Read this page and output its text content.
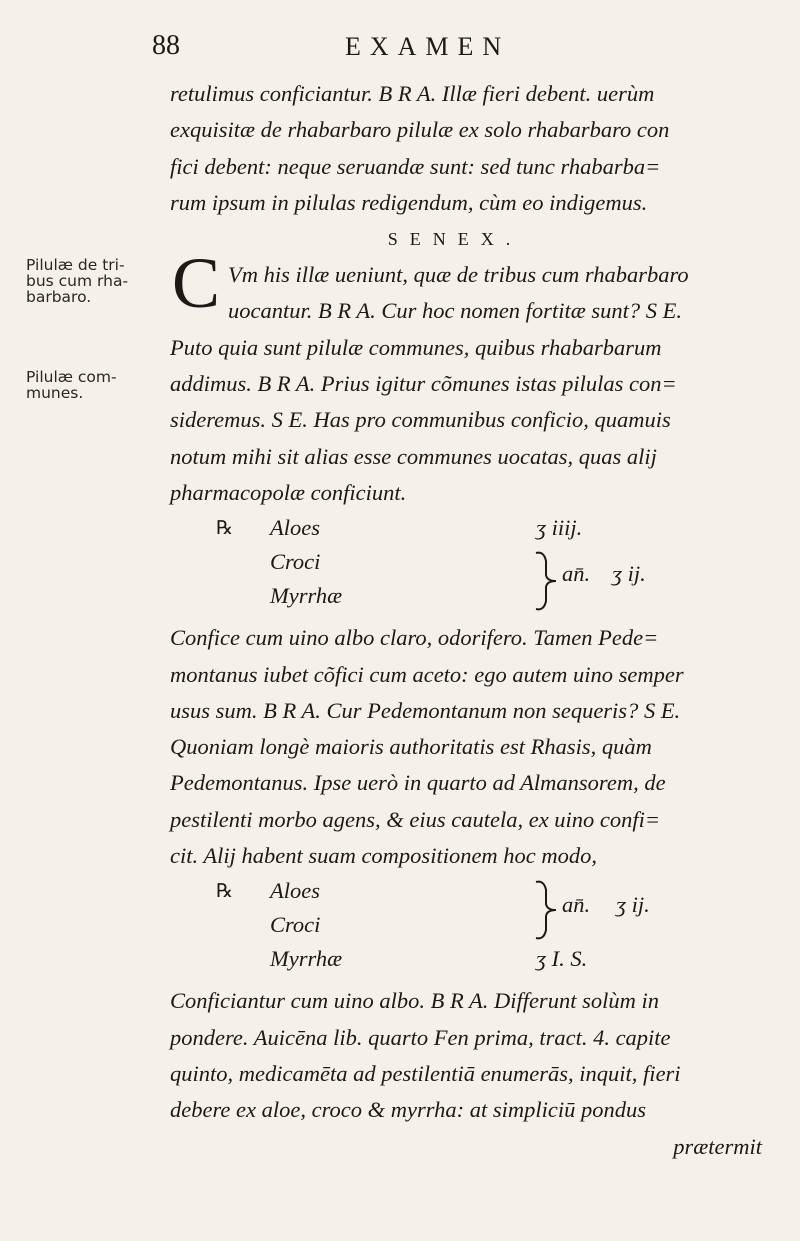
88	EXAMEN
Pilulæ de tri-
bus cum rha-
barbaro.
Pilulæ com-
munes.
C
retulimus conficiantur. B R A. Illæ fieri debent. uerùm
exquisitæ de rhabarbaro pilulæ ex solo rhabarbaro con
fici debent: neque seruandæ sunt: sed tunc rhabarba=
rum ipsum in pilulas redigendum, cùm eo indigemus.
SENEX.
Vm his illæ ueniunt, quæ de tribus cum rhabarbaro
uocantur. B R A. Cur hoc nomen fortitæ sunt? S E.
Puto quia sunt pilulæ communes, quibus rhabarbarum
addimus. B R A. Prius igitur cõmunes istas pilulas con=
sideremus. S E. Has pro communibus conficio, quamuis
notum mihi sit alias esse communes uocatas, quas alij
pharmacopolæ conficiunt.
℞ Aloes
Croci
Myrrhæ
ʒ iiij.
an̄. ʒ ij.
Confice cum uino albo claro, odorifero. Tamen Pede=
montanus iubet cõfici cum aceto: ego autem uino semper
usus sum. B R A. Cur Pedemontanum non sequeris? S E.
Quoniam longè maioris authoritatis est Rhasis, quàm
Pedemontanus. Ipse uerò in quarto ad Almansorem, de
pestilenti morbo agens, & eius cautela, ex uino confi=
cit. Alij habent suam compositionem hoc modo,
℞ Aloes
Croci
Myrrhæ
an̄. ʒ ij.
ʒ I. S.
Conficiantur cum uino albo. B R A. Differunt solùm in
pondere. Auicēna lib. quarto Fen prima, tract. 4. capite
quinto, medicamēta ad pestilentiā enumerās, inquit, fieri
debere ex aloe, croco & myrrha: at simpliciū pondus
prætermit
